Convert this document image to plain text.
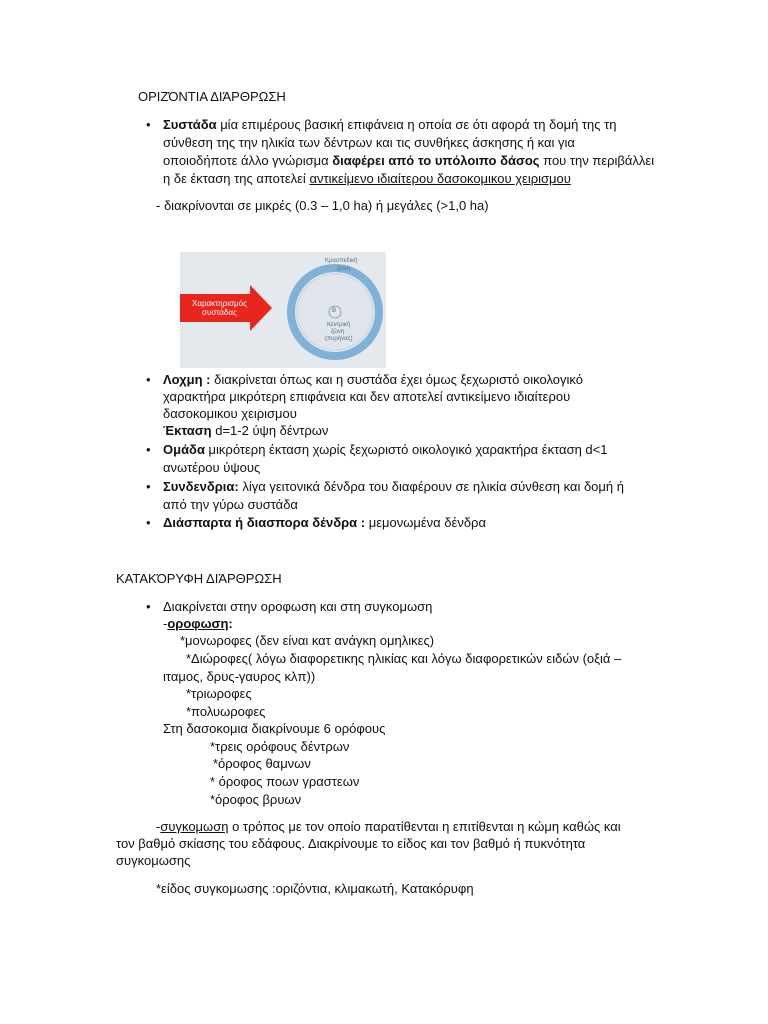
ΟΡΙΖΌΝΤΙΑ ΔΙΆΡΘΡΩΣΗ
• Συστάδα μία επιμέρους βασική επιφάνεια η οποία σε ότι αφορά τη δομή της τη
σύνθεση της την ηλικία των δέντρων και τις συνθήκες άσκησης ή και για
οποιοδήποτε άλλο γνώρισμα διαφέρει από το υπόλοιπο δάσος που την περιβάλλει
η δε έκταση της αποτελεί αντικείμενο ιδιαίτερου δασοκομικου χειρισμου
- διακρίνονται σε μικρές (0.3 – 1,0 ha) ή μεγάλες (>1,0 ha)
Χαρακτηρισμός
συστάδας
Κρασπεδική
ζώνη
Β
Κεντρική
ζώνη
(πυρήνας)
• Λοχμη : διακρίνεται όπως και η συστάδα έχει όμως ξεχωριστό οικολογικό
χαρακτήρα μικρότερη επιφάνεια και δεν αποτελεί αντικείμενο ιδιαίτερου
δασοκομικου χειρισμου
Έκταση d=1-2 ύψη δέντρων
• Ομάδα μικρότερη έκταση χωρίς ξεχωριστό οικολογικό χαρακτήρα έκταση d<1
ανωτέρου ύψους
• Συνδενδρια: λίγα γειτονικά δένδρα του διαφέρουν σε ηλικία σύνθεση και δομή ή
από την γύρω συστάδα
• Διάσπαρτα ή διασπορα δένδρα : μεμονωμένα δένδρα
ΚΑΤΑΚΌΡΥΦΗ ΔΙΆΡΘΡΩΣΗ
• Διακρίνεται στην οροφωση και στη συγκομωση
-οροφωση:
*μονωροφες (δεν είναι κατ ανάγκη ομηλικες)
*Διώροφες( λόγω διαφορετικης ηλικίας και λόγω διαφορετικών ειδών (οξιά –
ιταμος, δρυς-γαυρος κλπ))
*τριωροφες
*πολυωροφες
Στη δασοκομια διακρίνουμε 6 ορόφους
*τρεις ορόφους δέντρων
*όροφος θαμνων
* όροφος ποων γραστεων
*όροφος βρυων
-συγκομωση ο τρόπος με τον οποίο παρατίθενται η επιτίθενται η κώμη καθώς και
τον βαθμό σκίασης του εδάφους. Διακρίνουμε το είδος και τον βαθμό ή πυκνότητα
συγκομωσης
*είδος συγκομωσης :οριζόντια, κλιμακωτή, Κατακόρυφη
